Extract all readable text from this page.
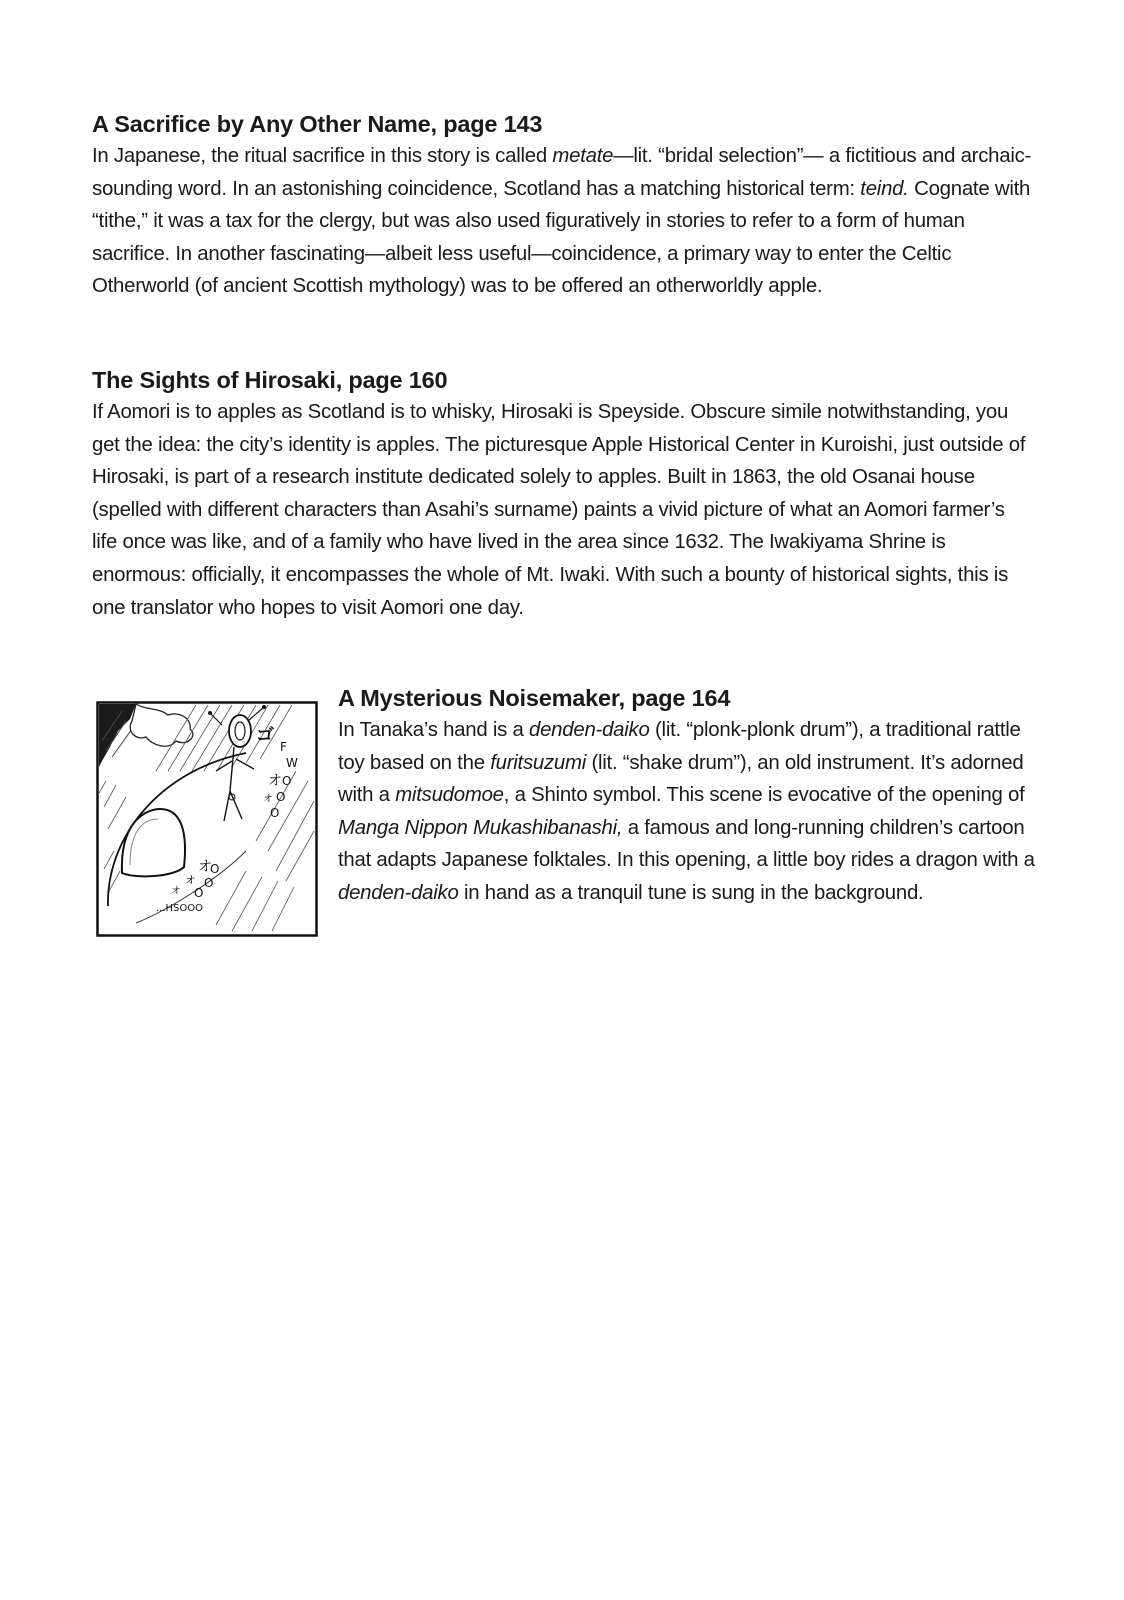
A Sacrifice by Any Other Name, page 143

In Japanese, the ritual sacrifice in this story is called metate—lit. “bridal selection”— a fictitious and archaic-sounding word. In an astonishing coincidence, Scotland has a matching historical term: teind. Cognate with “tithe,” it was a tax for the clergy, but was also used figuratively in stories to refer to a form of human sacrifice. In another fascinating—albeit less useful—coincidence, a primary way to enter the Celtic Otherworld (of ancient Scottish mythology) was to be offered an otherworldly apple.

The Sights of Hirosaki, page 160

If Aomori is to apples as Scotland is to whisky, Hirosaki is Speyside. Obscure simile notwithstanding, you get the idea: the city’s identity is apples. The picturesque Apple Historical Center in Kuroishi, just outside of Hirosaki, is part of a research institute dedicated solely to apples. Built in 1863, the old Osanai house (spelled with different characters than Asahi’s surname) paints a vivid picture of what an Aomori farmer’s life once was like, and of a family who have lived in the area since 1632. The Iwakiyama Shrine is enormous: officially, it encompasses the whole of Mt. Iwaki. With such a bounty of historical sights, this is one translator who hopes to visit Aomori one day.

ゴ
F
W
O
O
O
オ
ォ
オ
ォ
ォ
O
O
O
...HSOOO
A Mysterious Noisemaker, page 164

In Tanaka’s hand is a denden-daiko (lit. “plonk-plonk drum”), a traditional rattle toy based on the furitsuzumi (lit. “shake drum”), an old instrument. It’s adorned with a mitsudomoe, a Shinto symbol. This scene is evocative of the opening of Manga Nippon Mukashibanashi, a famous and long-running children’s cartoon that adapts Japanese folktales. In this opening, a little boy rides a dragon with a denden-daiko in hand as a tranquil tune is sung in the background.
